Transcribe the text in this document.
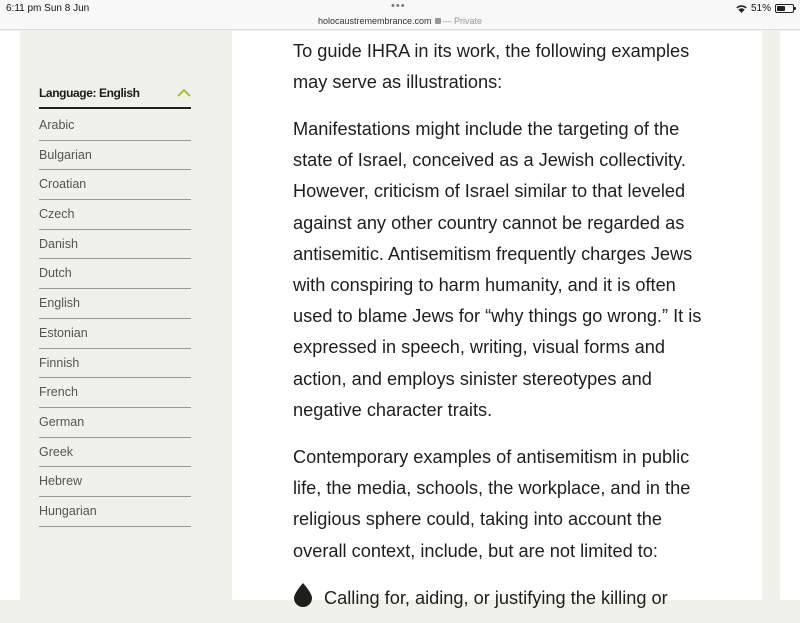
6:11 pm Sun 8 Jun	•••
holocaustremembrance.com — Private
51%
Language: English
Arabic
Bulgarian
Croatian
Czech
Danish
Dutch
English
Estonian
Finnish
French
German
Greek
Hebrew
Hungarian

To guide IHRA in its work, the following examples may serve as illustrations:

Manifestations might include the targeting of the state of Israel, conceived as a Jewish collectivity. However, criticism of Israel similar to that leveled against any other country cannot be regarded as antisemitic. Antisemitism frequently charges Jews with conspiring to harm humanity, and it is often used to blame Jews for “why things go wrong.” It is expressed in speech, writing, visual forms and action, and employs sinister stereotypes and negative character traits.

Contemporary examples of antisemitism in public life, the media, schools, the workplace, and in the religious sphere could, taking into account the overall context, include, but are not limited to:

Calling for, aiding, or justifying the killing or
